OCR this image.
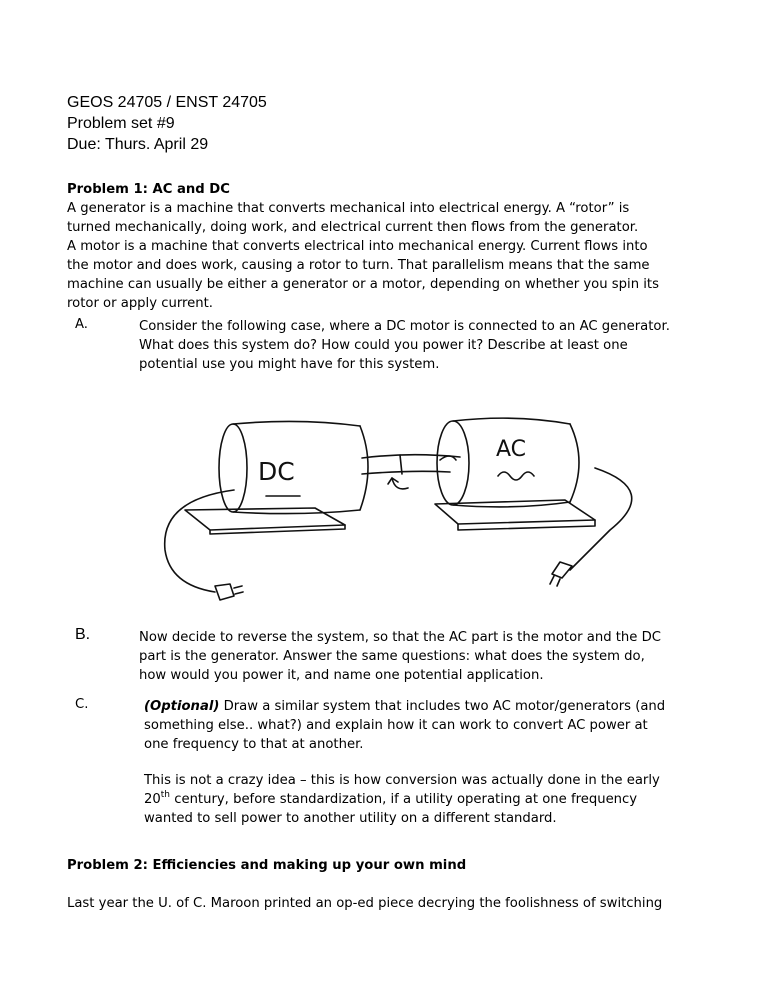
GEOS 24705 / ENST 24705
Problem set #9
Due: Thurs. April 29
Problem 1: AC and DC
A generator is a machine that converts mechanical into electrical energy. A “rotor” is
turned mechanically, doing work, and electrical current then flows from the generator.
A motor is a machine that converts electrical into mechanical energy. Current flows into
the motor and does work, causing a rotor to turn. That parallelism means that the same
machine can usually be either a generator or a motor, depending on whether you spin its
rotor or apply current.
A.	Consider the following case, where a DC motor is connected to an AC generator.
What does this system do? How could you power it? Describe at least one
potential use you might have for this system.
DC
AC
B.	Now decide to reverse the system, so that the AC part is the motor and the DC
part is the generator. Answer the same questions: what does the system do,
how would you power it, and name one potential application.
C.	(Optional) Draw a similar system that includes two AC motor/generators (and
something else.. what?) and explain how it can work to convert AC power at
one frequency to that at another.
This is not a crazy idea – this is how conversion was actually done in the early
20th century, before standardization, if a utility operating at one frequency
wanted to sell power to another utility on a different standard.
Problem 2: Efficiencies and making up your own mind
Last year the U. of C. Maroon printed an op-ed piece decrying the foolishness of switching
